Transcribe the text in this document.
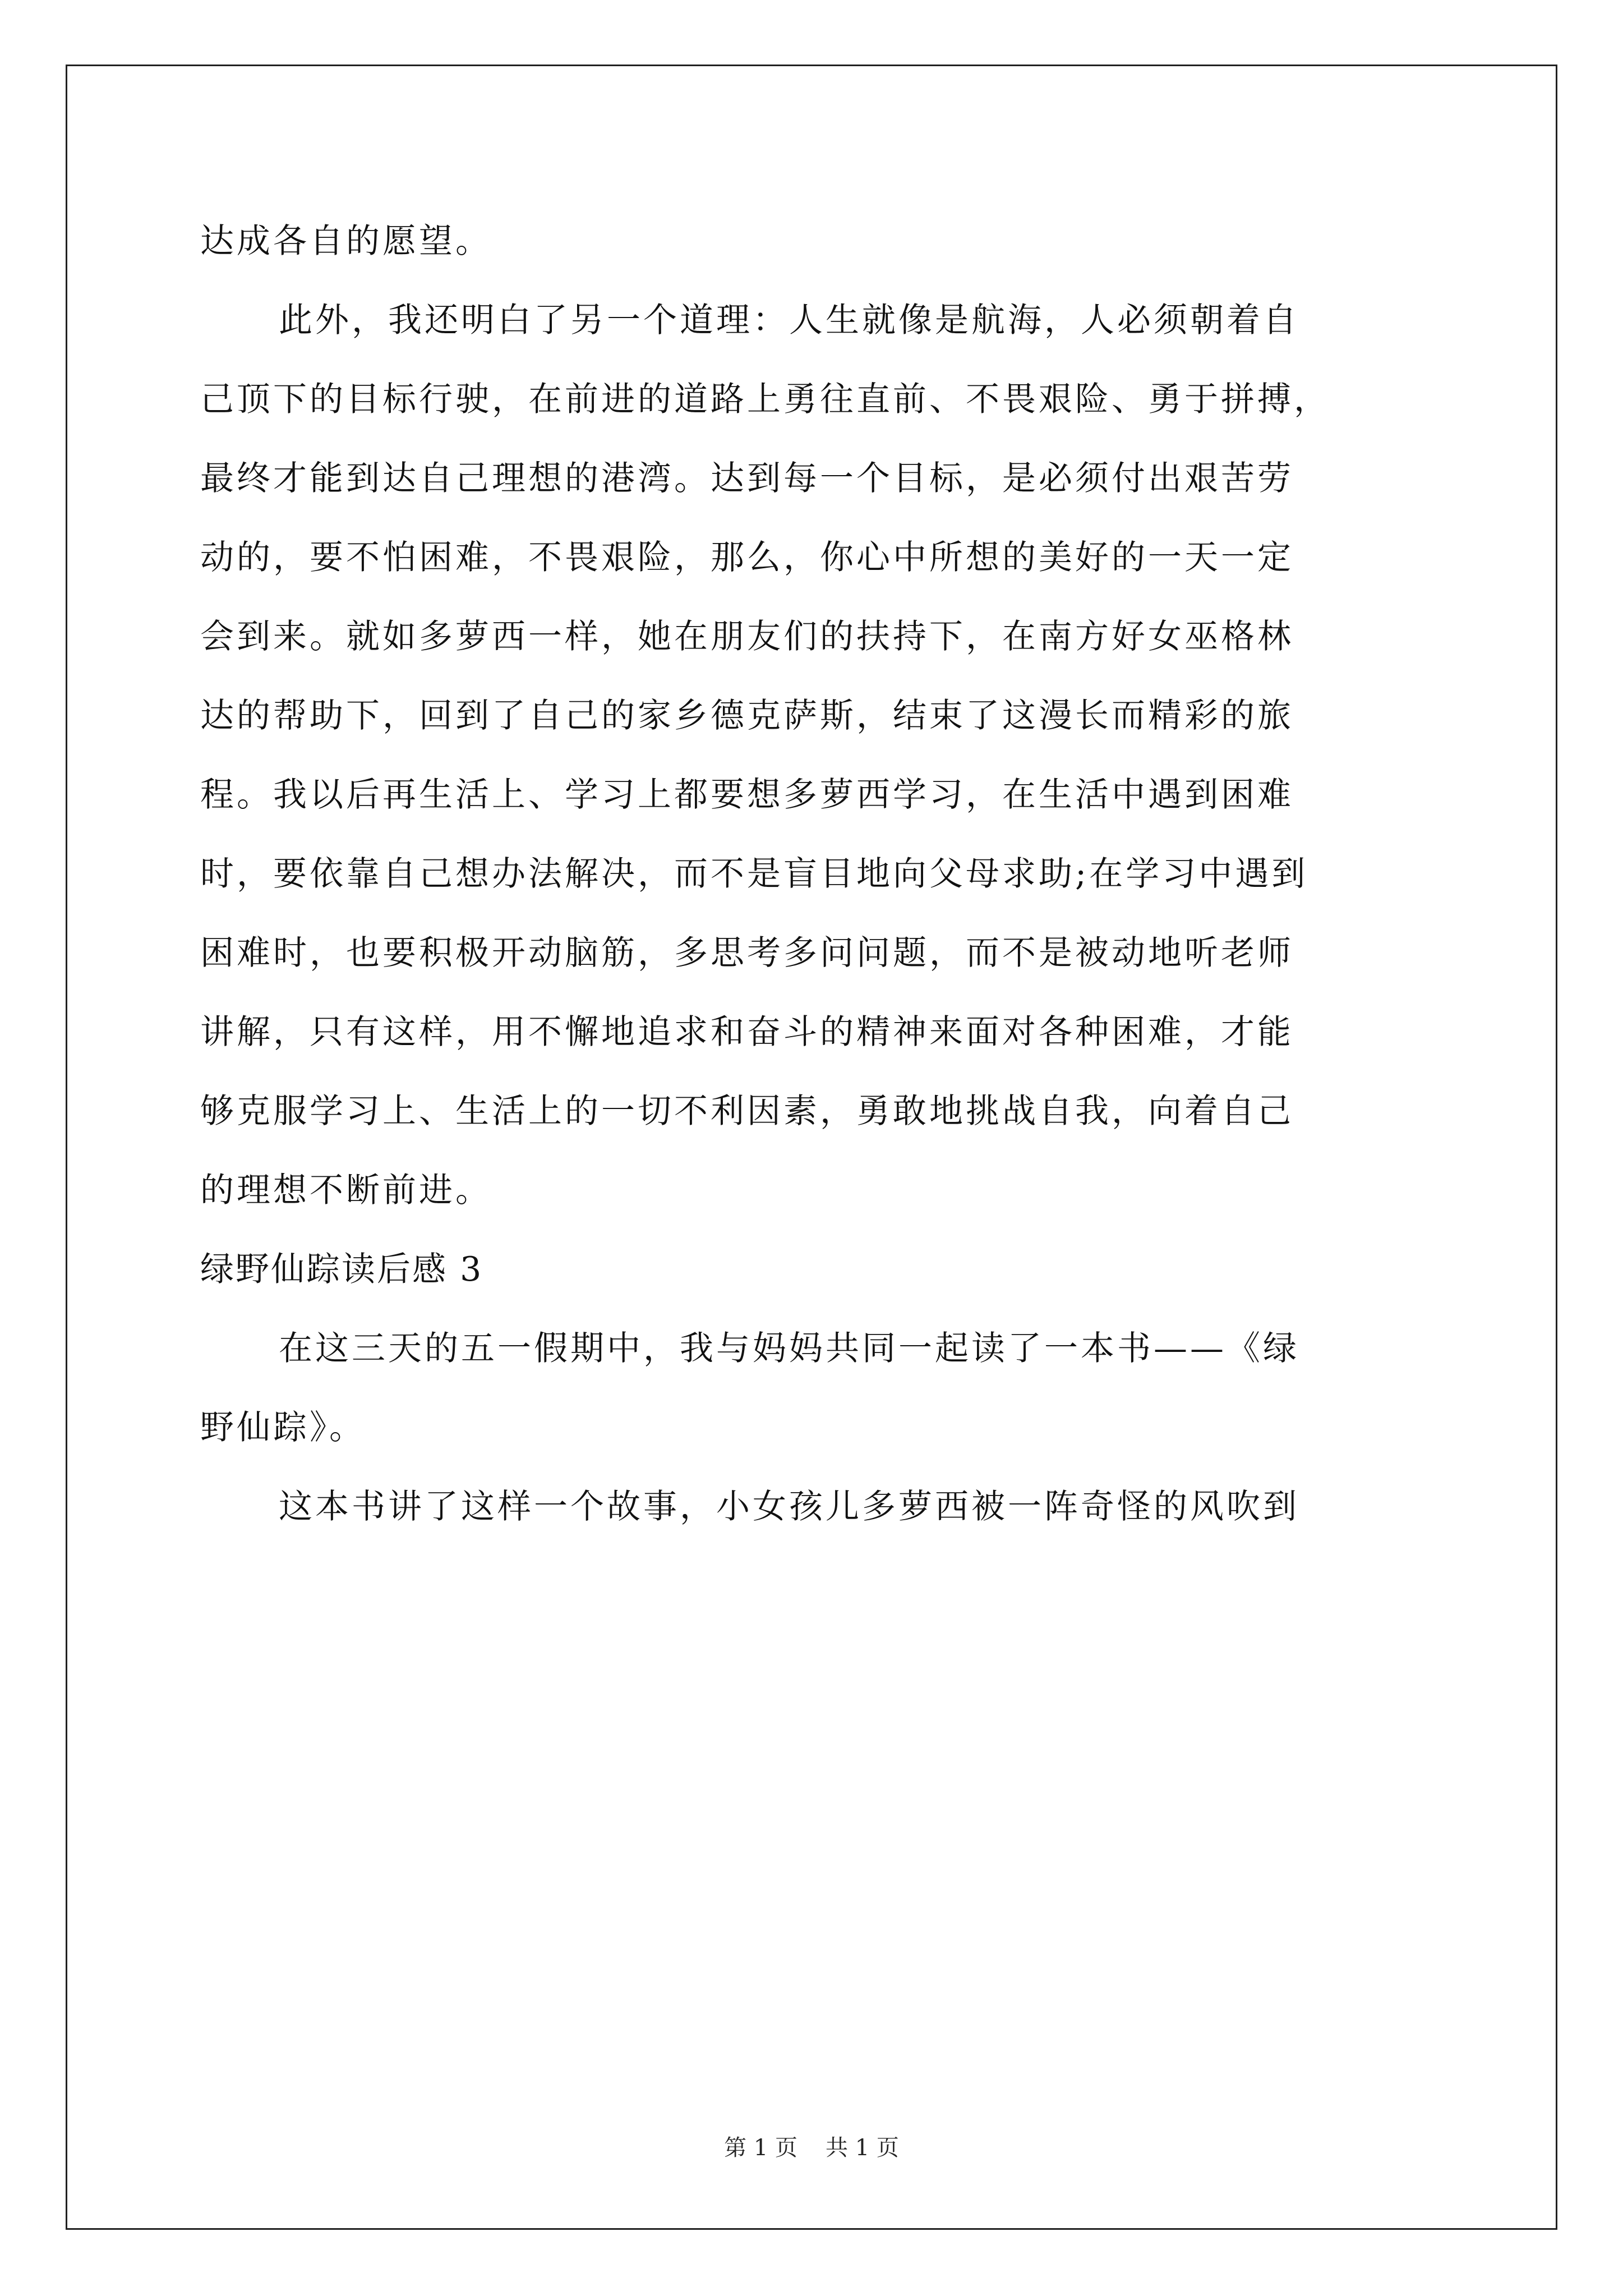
达成各自的愿望。

此外，我还明白了另一个道理：人生就像是航海，人必须朝着自

己顶下的目标行驶，在前进的道路上勇往直前、不畏艰险、勇于拼搏，

最终才能到达自己理想的港湾。达到每一个目标，是必须付出艰苦劳

动的，要不怕困难，不畏艰险，那么，你心中所想的美好的一天一定

会到来。就如多萝西一样，她在朋友们的扶持下，在南方好女巫格林

达的帮助下，回到了自己的家乡德克萨斯，结束了这漫长而精彩的旅

程。我以后再生活上、学习上都要想多萝西学习，在生活中遇到困难

时，要依靠自己想办法解决，而不是盲目地向父母求助;在学习中遇到

困难时，也要积极开动脑筋，多思考多问问题，而不是被动地听老师

讲解，只有这样，用不懈地追求和奋斗的精神来面对各种困难，才能

够克服学习上、生活上的一切不利因素，勇敢地挑战自我，向着自己

的理想不断前进。

绿野仙踪读后感 3

在这三天的五一假期中，我与妈妈共同一起读了一本书——《绿

野仙踪》。

这本书讲了这样一个故事，小女孩儿多萝西被一阵奇怪的风吹到

第 1 页 共 1 页
